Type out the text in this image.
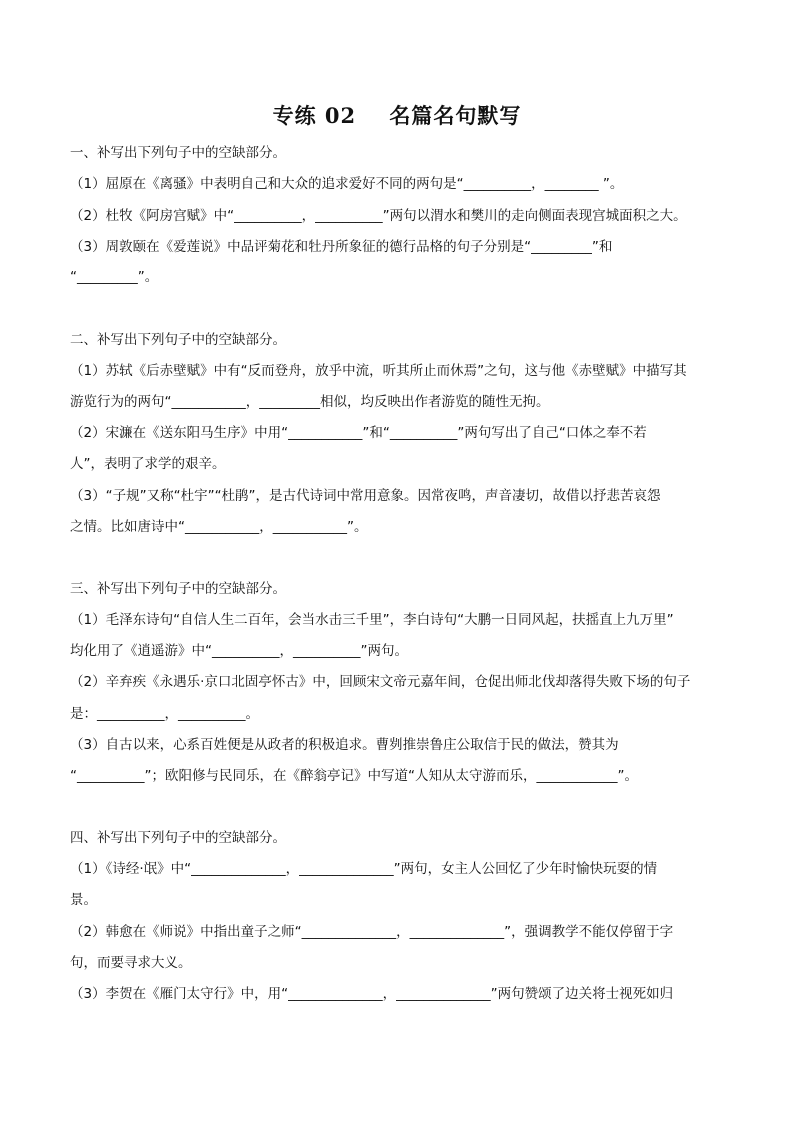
专练 02    名篇名句默写
一、补写出下列句子中的空缺部分。
（1）屈原在《离骚》中表明自己和大众的追求爱好不同的两句是“__________，________ ”。
（2）杜牧《阿房宫赋》中“__________，__________”两句以渭水和樊川的走向侧面表现宫城面积之大。
（3）周敦颐在《爱莲说》中品评菊花和牡丹所象征的德行品格的句子分别是“_________”和
“_________”。
二、补写出下列句子中的空缺部分。
（1）苏轼《后赤壁赋》中有“反而登舟，放乎中流，听其所止而休焉”之句，这与他《赤壁赋》中描写其
游览行为的两句“___________，_________相似，均反映出作者游览的随性无拘。
（2）宋濂在《送东阳马生序》中用“___________”和“__________”两句写出了自己“口体之奉不若
人”，表明了求学的艰辛。
（3）“子规”又称“杜宇”“杜鹃”，是古代诗词中常用意象。因常夜鸣，声音凄切，故借以抒悲苦哀怨
之情。比如唐诗中“___________，___________”。
三、补写出下列句子中的空缺部分。
（1）毛泽东诗句“自信人生二百年，会当水击三千里”，李白诗句“大鹏一日同风起，扶摇直上九万里”
均化用了《逍遥游》中“__________，__________”两句。
（2）辛弃疾《永遇乐·京口北固亭怀古》中，回顾宋文帝元嘉年间，仓促出师北伐却落得失败下场的句子
是：__________，__________。
（3）自古以来，心系百姓便是从政者的积极追求。曹刿推崇鲁庄公取信于民的做法，赞其为
“__________”；欧阳修与民同乐，在《醉翁亭记》中写道“人知从太守游而乐，____________”。
四、补写出下列句子中的空缺部分。
（1）《诗经·氓》中“______________，______________”两句，女主人公回忆了少年时愉快玩耍的情
景。
（2）韩愈在《师说》中指出童子之师“______________，______________”，强调教学不能仅停留于字
句，而要寻求大义。
（3）李贺在《雁门太守行》中，用“______________，______________”两句赞颂了边关将士视死如归
